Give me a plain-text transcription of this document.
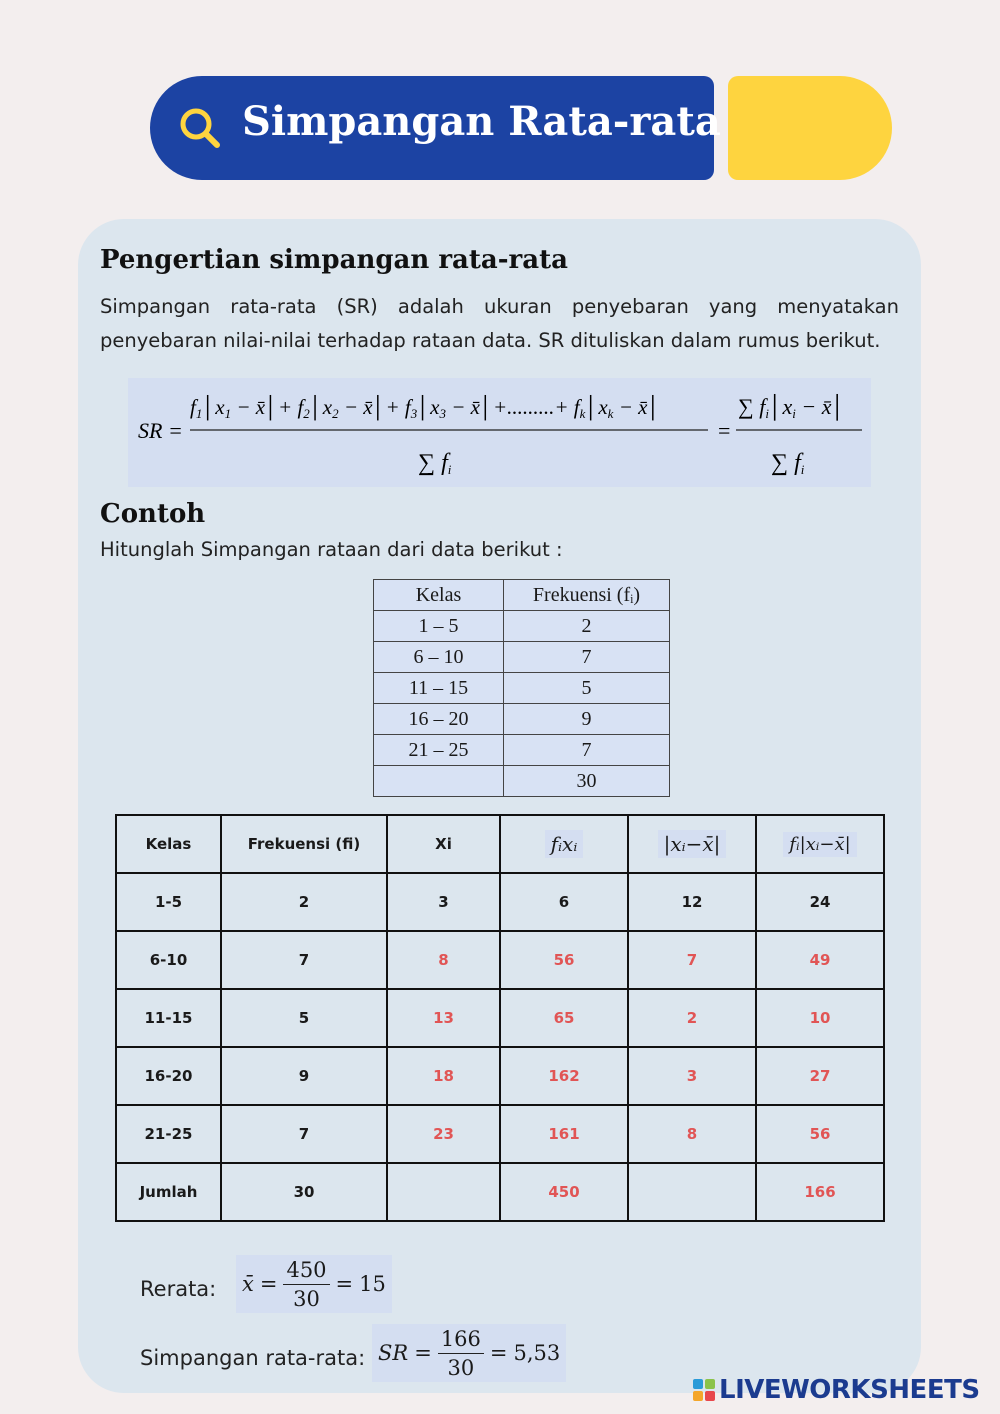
Simpangan Rata-rata
Pengertian simpangan rata-rata
Simpangan rata-rata (SR) adalah ukuran penyebaran yang menyatakan penyebaran nilai-nilai terhadap rataan data. SR dituliskan dalam rumus berikut.
SR =
f1│x1 − x̄│+ f2│x2 − x̄│+ f3│x3 − x̄│+.........+ fk│xk − x̄│
∑ fi
=
∑ fi│xi − x̄│
∑ fi
Contoh
Hitunglah Simpangan rataan dari data berikut :
Kelas	Frekuensi (fᵢ)
1 – 5	2
6 – 10	7
11 – 15	5
16 – 20	9
21 – 25	7
	30
Kelas	Frekuensi (fi)	Xi	fᵢxᵢ	|xᵢ−x̄|	fᵢ|xᵢ−x̄|
1-5	2	3	6	12	24
6-10	7	8	56	7	49
11-15	5	13	65	2	10
16-20	9	18	162	3	27
21-25	7	23	161	8	56
Jumlah	30		450		166
Rerata: x̄ = $\frac{450}{30} = 15$
Simpangan rata-rata: SR = $\frac{166}{30} = 5,53$
LIVEWORKSHEETS
